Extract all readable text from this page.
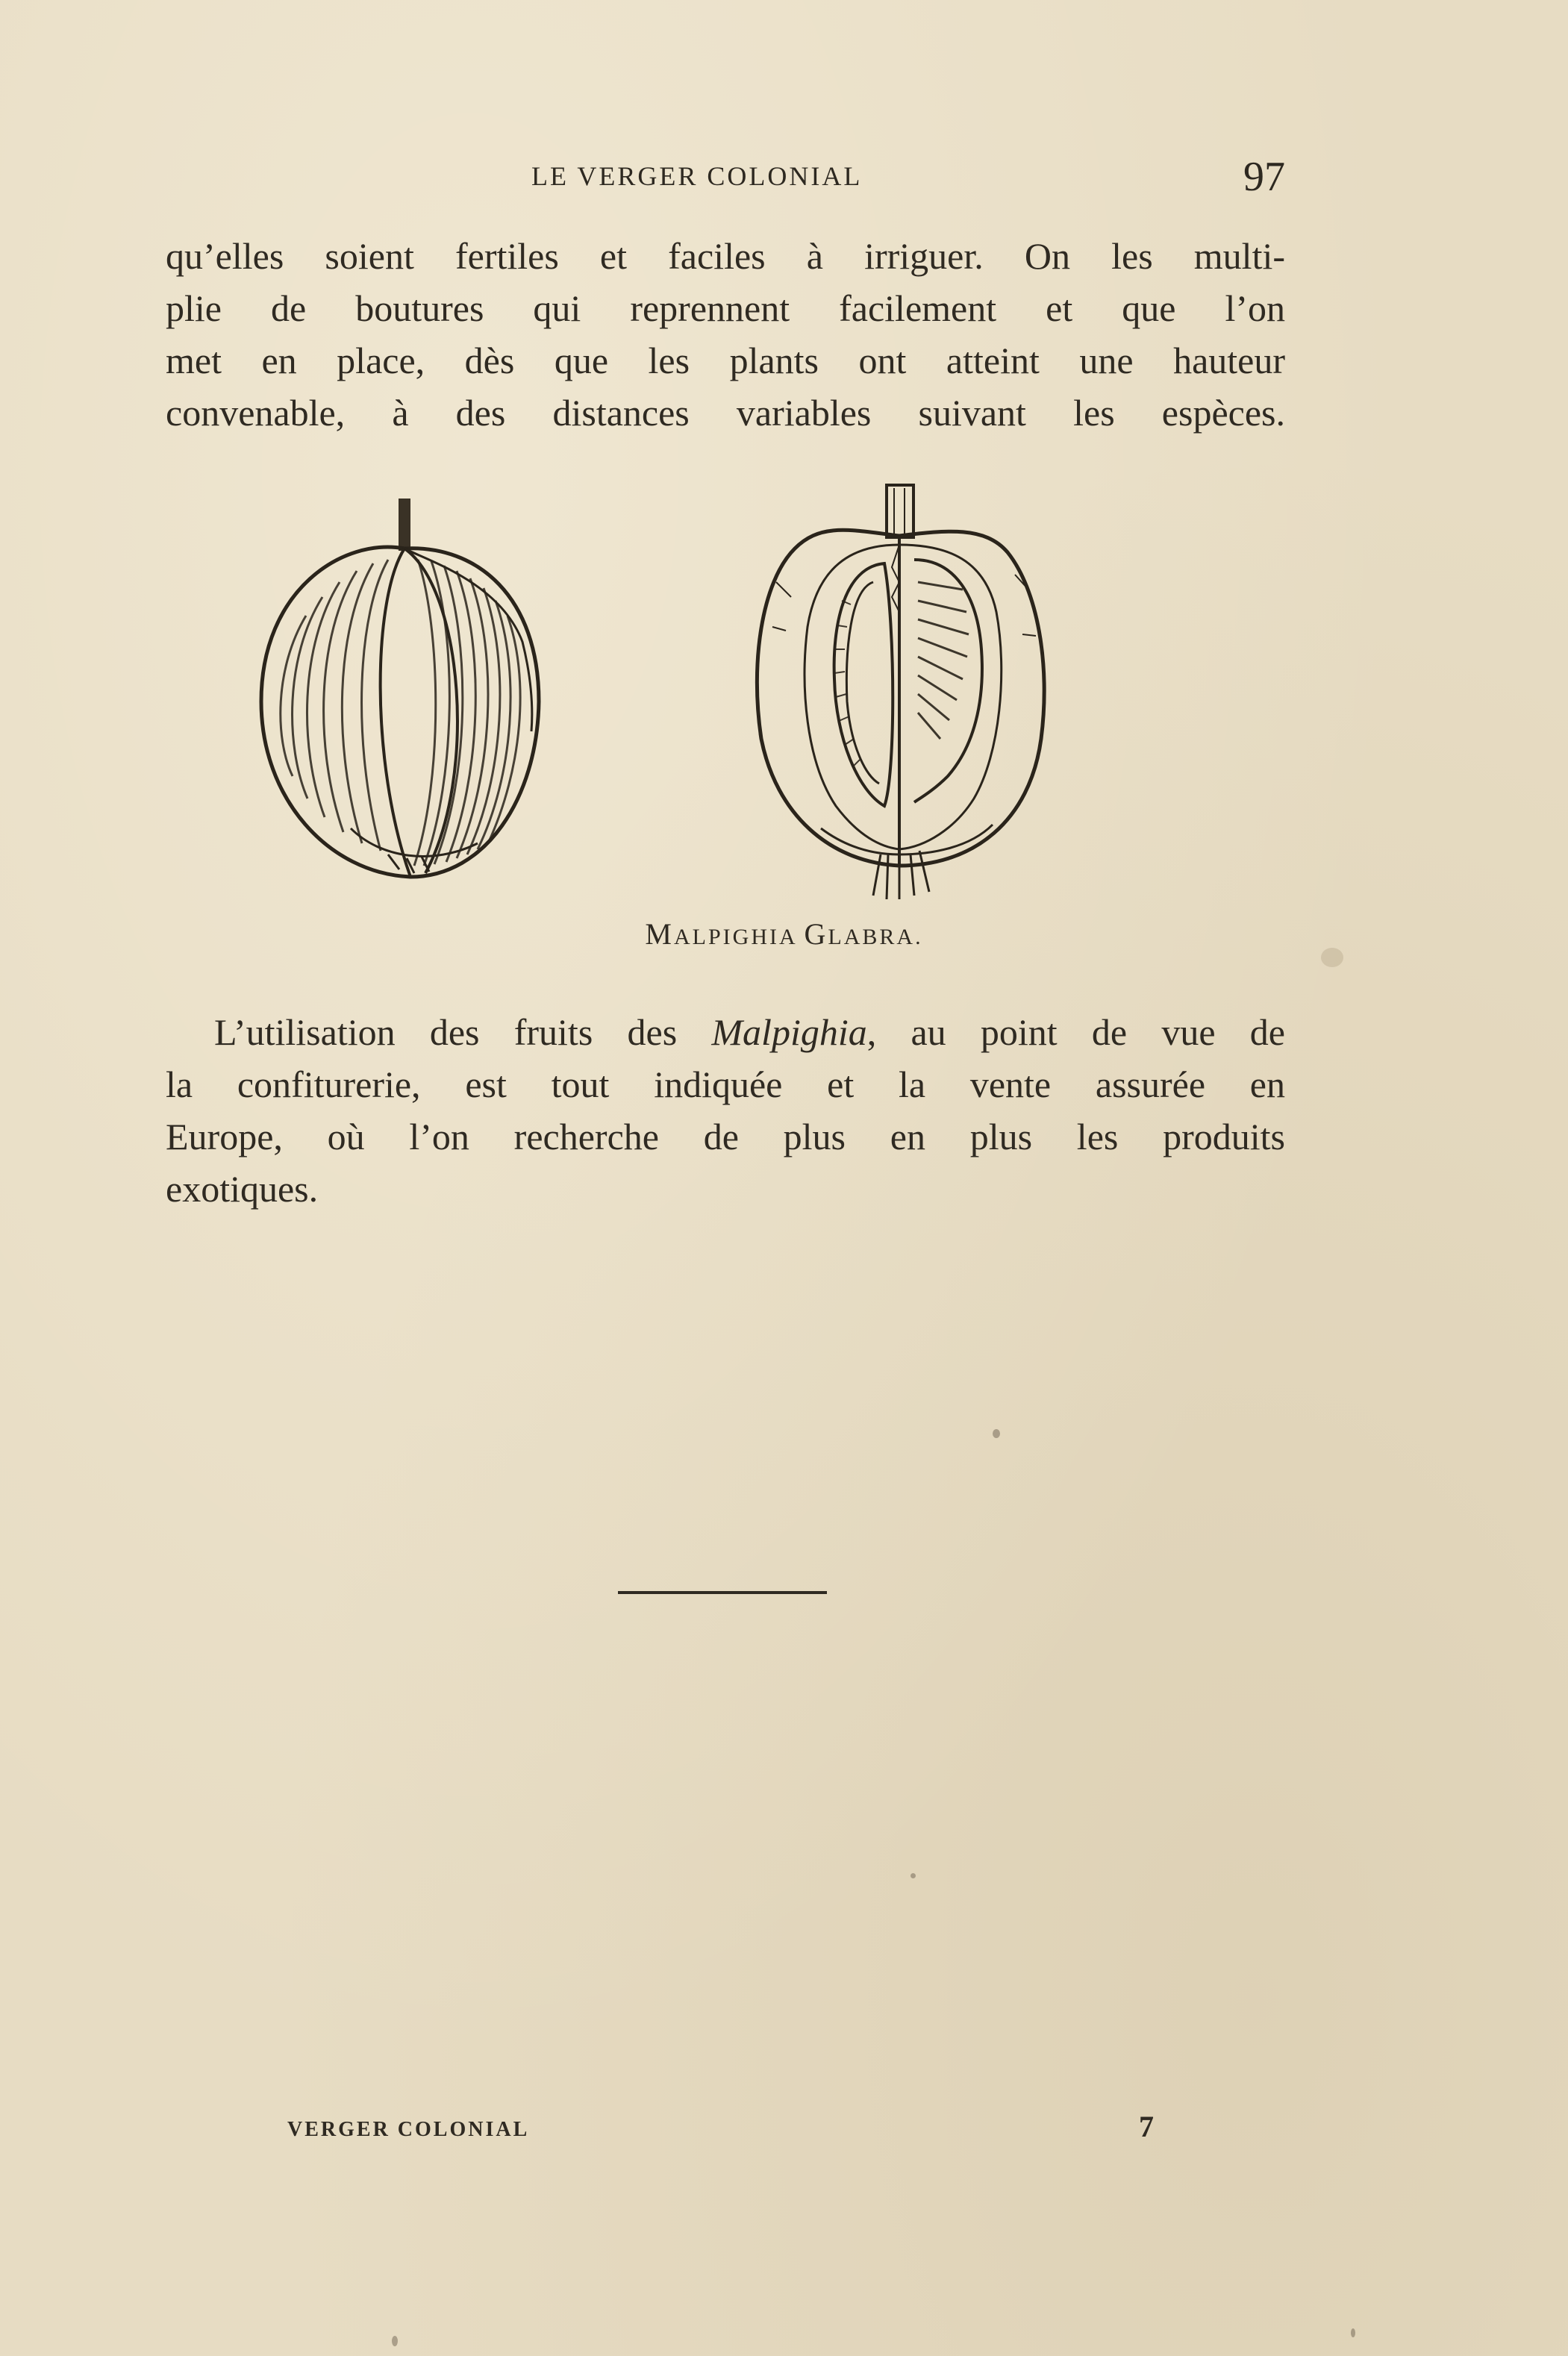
LE VERGER COLONIAL	97
qu’elles soient fertiles et faciles à irriguer. On les multi-
plie de boutures qui reprennent facilement et que l’on
met en place, dès que les plants ont atteint une hauteur
convenable, à des distances variables suivant les espèces.
MALPIGHIA GLABRA.
L’utilisation des fruits des Malpighia, au point de vue de
la confiturerie, est tout indiquée et la vente assurée en
Europe, où l’on recherche de plus en plus les produits
exotiques.
VERGER COLONIAL	7
